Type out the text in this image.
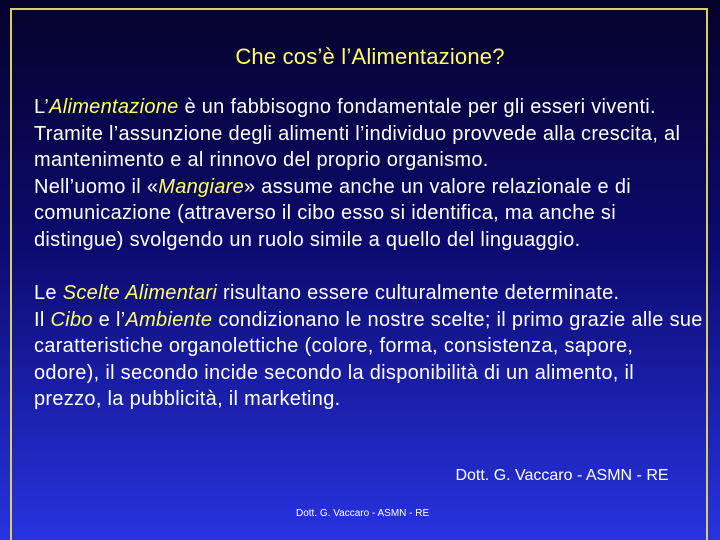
Che cos’è l’Alimentazione?

L’Alimentazione è un fabbisogno fondamentale per gli esseri viventi. Tramite l’assunzione degli alimenti l’individuo provvede alla crescita, al mantenimento e al rinnovo del proprio organismo.

Nell’uomo il «Mangiare» assume anche un valore relazionale e di comunicazione (attraverso il cibo esso si identifica, ma anche si distingue) svolgendo un ruolo simile a quello del linguaggio.

Le Scelte Alimentari risultano essere culturalmente determinate.

Il Cibo e l’Ambiente condizionano le nostre scelte; il primo grazie alle sue caratteristiche organolettiche (colore, forma, consistenza, sapore, odore), il secondo incide secondo la disponibilità di un alimento, il prezzo, la pubblicità, il marketing.

Dott. G. Vaccaro - ASMN - RE
Dott. G. Vaccaro - ASMN - RE
